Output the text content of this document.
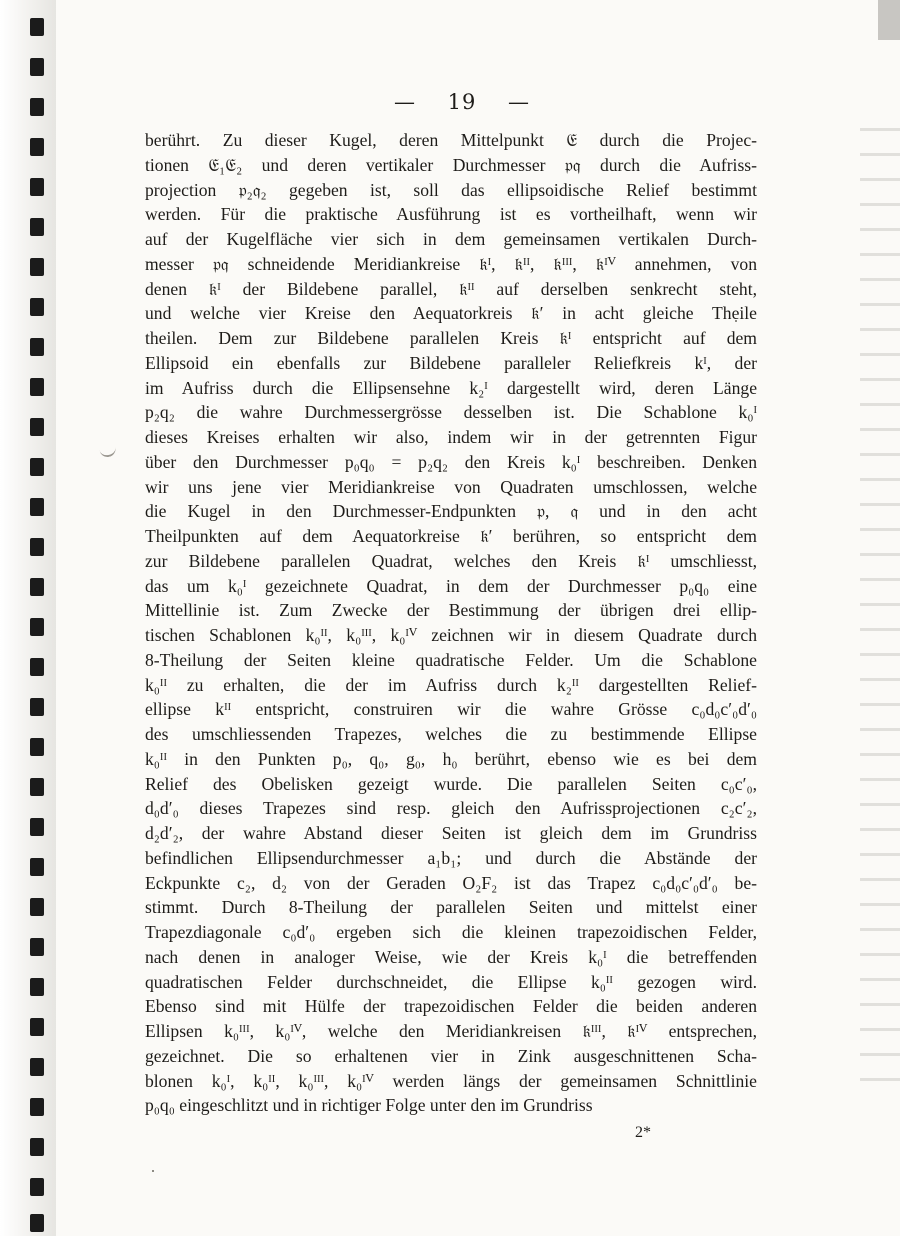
— 19 —
berührt. Zu dieser Kugel, deren Mittelpunkt 𝔈 durch die Projec-
tionen 𝔈₁𝔈₂ und deren vertikaler Durchmesser 𝔭𝔮 durch die Aufriss-
projection 𝔭₂𝔮₂ gegeben ist, soll das ellipsoidische Relief bestimmt
werden. Für die praktische Ausführung ist es vortheilhaft, wenn wir
auf der Kugelfläche vier sich in dem gemeinsamen vertikalen Durch-
messer 𝔭𝔮 schneidende Meridiankreise 𝔨ᴵ, 𝔨ᴵᴵ, 𝔨ᴵᴵᴵ, 𝔨ᴵⱽ annehmen, von
denen 𝔨ᴵ der Bildebene parallel, 𝔨ᴵᴵ auf derselben senkrecht steht,
und welche vier Kreise den Aequatorkreis 𝔨′ in acht gleiche Theile
theilen. Dem zur Bildebene parallelen Kreis 𝔨ᴵ entspricht auf dem
Ellipsoid ein ebenfalls zur Bildebene paralleler Reliefkreis kᴵ, der
im Aufriss durch die Ellipsensehne k₂ᴵ dargestellt wird, deren Länge
p₂q₂ die wahre Durchmessergrösse desselben ist. Die Schablone k₀ᴵ
dieses Kreises erhalten wir also, indem wir in der getrennten Figur
über den Durchmesser p₀q₀ = p₂q₂ den Kreis k₀ᴵ beschreiben. Denken
wir uns jene vier Meridiankreise von Quadraten umschlossen, welche
die Kugel in den Durchmesser-Endpunkten 𝔭, 𝔮 und in den acht
Theilpunkten auf dem Aequatorkreise 𝔨′ berühren, so entspricht dem
zur Bildebene parallelen Quadrat, welches den Kreis 𝔨ᴵ umschliesst,
das um k₀ᴵ gezeichnete Quadrat, in dem der Durchmesser p₀q₀ eine
Mittellinie ist. Zum Zwecke der Bestimmung der übrigen drei ellip-
tischen Schablonen k₀ᴵᴵ, k₀ᴵᴵᴵ, k₀ᴵⱽ zeichnen wir in diesem Quadrate durch
8-Theilung der Seiten kleine quadratische Felder. Um die Schablone
k₀ᴵᴵ zu erhalten, die der im Aufriss durch k₂ᴵᴵ dargestellten Relief-
ellipse kᴵᴵ entspricht, construiren wir die wahre Grösse c₀d₀c′₀d′₀
des umschliessenden Trapezes, welches die zu bestimmende Ellipse
k₀ᴵᴵ in den Punkten p₀, q₀, g₀, h₀ berührt, ebenso wie es bei dem
Relief des Obelisken gezeigt wurde. Die parallelen Seiten c₀c′₀,
d₀d′₀ dieses Trapezes sind resp. gleich den Aufrissprojectionen c₂c′₂,
d₂d′₂, der wahre Abstand dieser Seiten ist gleich dem im Grundriss
befindlichen Ellipsendurchmesser a₁b₁; und durch die Abstände der
Eckpunkte c₂, d₂ von der Geraden O₂F₂ ist das Trapez c₀d₀c′₀d′₀ be-
stimmt. Durch 8-Theilung der parallelen Seiten und mittelst einer
Trapezdiagonale c₀d′₀ ergeben sich die kleinen trapezoidischen Felder,
nach denen in analoger Weise, wie der Kreis k₀ᴵ die betreffenden
quadratischen Felder durchschneidet, die Ellipse k₀ᴵᴵ gezogen wird.
Ebenso sind mit Hülfe der trapezoidischen Felder die beiden anderen
Ellipsen k₀ᴵᴵᴵ, k₀ᴵⱽ, welche den Meridiankreisen 𝔨ᴵᴵᴵ, 𝔨ᴵⱽ entsprechen,
gezeichnet. Die so erhaltenen vier in Zink ausgeschnittenen Scha-
blonen k₀ᴵ, k₀ᴵᴵ, k₀ᴵᴵᴵ, k₀ᴵⱽ werden längs der gemeinsamen Schnittlinie
p₀q₀ eingeschlitzt und in richtiger Folge unter den im Grundriss
2*
